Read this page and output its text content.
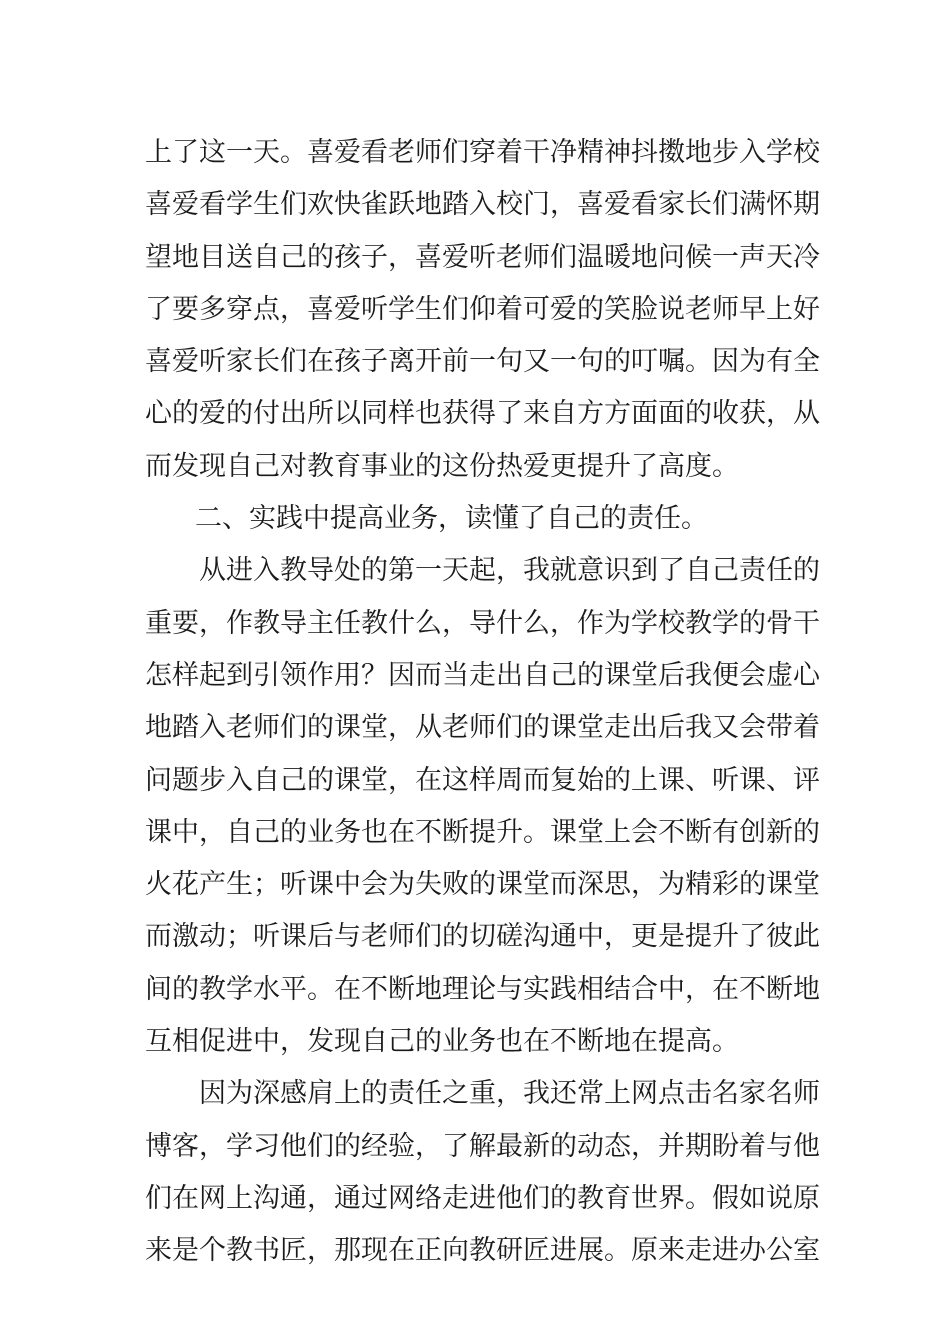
上了这一天。喜爱看老师们穿着干净精神抖擞地步入学校
喜爱看学生们欢快雀跃地踏入校门，喜爱看家长们满怀期
望地目送自己的孩子，喜爱听老师们温暖地问候一声天冷
了要多穿点，喜爱听学生们仰着可爱的笑脸说老师早上好
喜爱听家长们在孩子离开前一句又一句的叮嘱。因为有全
心的爱的付出所以同样也获得了来自方方面面的收获，从
而发现自己对教育事业的这份热爱更提升了高度。
二、实践中提高业务，读懂了自己的责任。
从进入教导处的第一天起，我就意识到了自己责任的
重要，作教导主任教什么，导什么，作为学校教学的骨干
怎样起到引领作用？因而当走出自己的课堂后我便会虚心
地踏入老师们的课堂，从老师们的课堂走出后我又会带着
问题步入自己的课堂，在这样周而复始的上课、听课、评
课中，自己的业务也在不断提升。课堂上会不断有创新的
火花产生；听课中会为失败的课堂而深思，为精彩的课堂
而激动；听课后与老师们的切磋沟通中，更是提升了彼此
间的教学水平。在不断地理论与实践相结合中，在不断地
互相促进中，发现自己的业务也在不断地在提高。
因为深感肩上的责任之重，我还常上网点击名家名师
博客，学习他们的经验，了解最新的动态，并期盼着与他
们在网上沟通，通过网络走进他们的教育世界。假如说原
来是个教书匠，那现在正向教研匠进展。原来走进办公室
